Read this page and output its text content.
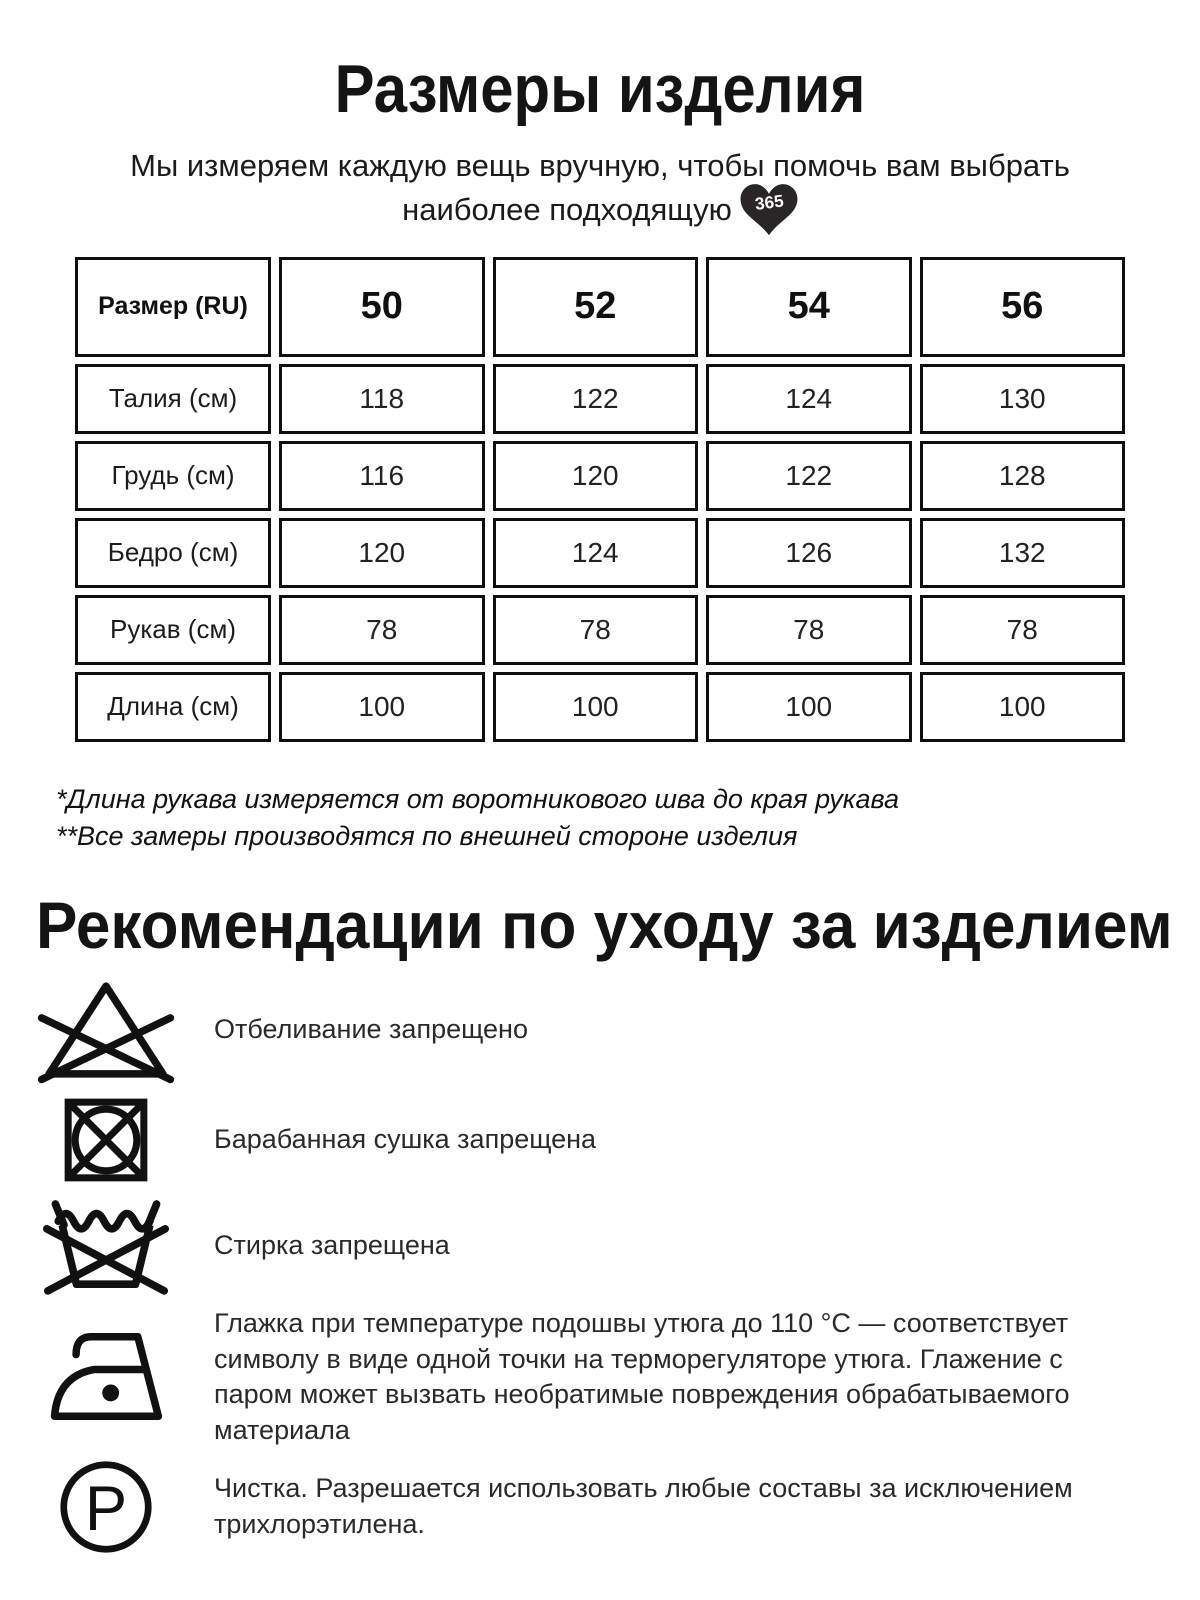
Размеры изделия
Мы измеряем каждую вещь вручную, чтобы помочь вам выбрать наиболее подходящую 365
Размер (RU)	50	52	54	56
Талия (см)	118	122	124	130
Грудь (см)	116	120	122	128
Бедро (см)	120	124	126	132
Рукав (см)	78	78	78	78
Длина (см)	100	100	100	100
*Длина рукава измеряется от воротникового шва до края рукава
**Все замеры производятся по внешней стороне изделия
Рекомендации по уходу за изделием
Отбеливание запрещено
Барабанная сушка запрещена
Стирка запрещена
Глажка при температуре подошвы утюга до 110 °C — соответствует символу в виде одной точки на терморегуляторе утюга. Глажение с паром может вызвать необратимые повреждения обрабатываемого материала
P	Чистка. Разрешается использовать любые составы за исключением трихлорэтилена.
